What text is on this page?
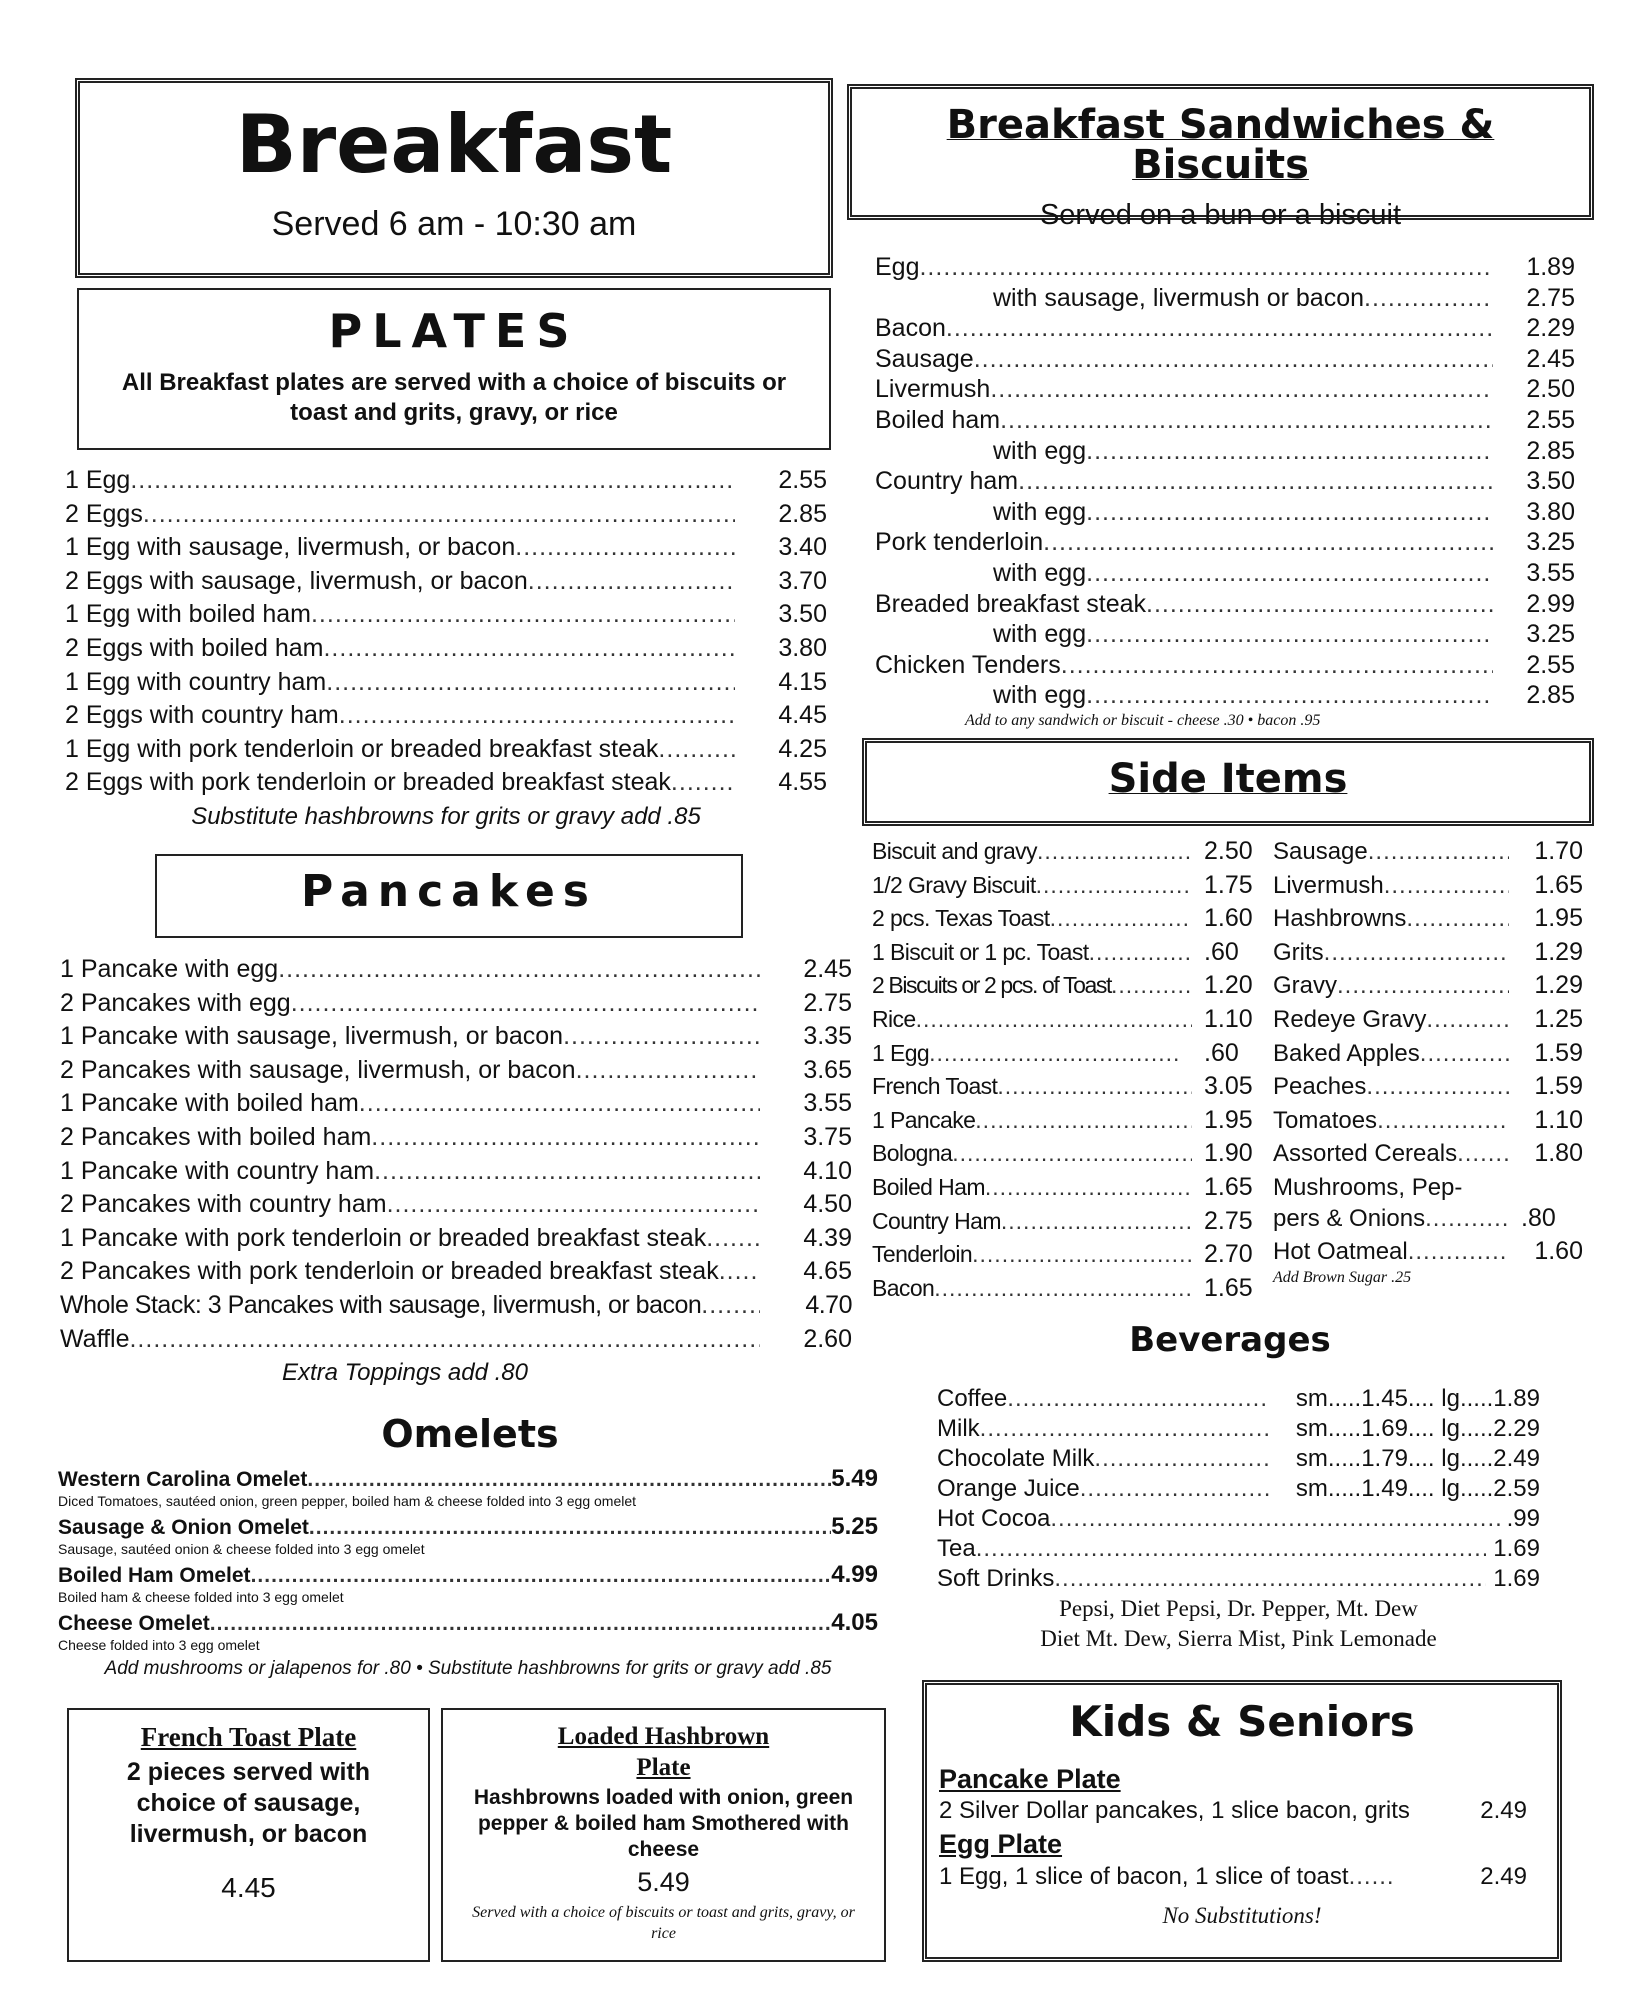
Breakfast
Served 6 am - 10:30 am
PLATES
All Breakfast plates are served with a choice of biscuits or toast and grits, gravy, or rice
1 Egg .....	2.55
2 Eggs .....	2.85
1 Egg with sausage, livermush, or bacon .....	3.40
2 Eggs with sausage, livermush, or bacon .....	3.70
1 Egg with boiled ham .....	3.50
2 Eggs with boiled ham .....	3.80
1 Egg with country ham .....	4.15
2 Eggs with country ham .....	4.45
1 Egg with pork tenderloin or breaded breakfast steak .....	4.25
2 Eggs with pork tenderloin or breaded breakfast steak .....	4.55
Substitute hashbrowns for grits or gravy add .85
Pancakes
1 Pancake with egg .....	2.45
2 Pancakes with egg .....	2.75
1 Pancake with sausage, livermush, or bacon .....	3.35
2 Pancakes with sausage, livermush, or bacon .....	3.65
1 Pancake with boiled ham .....	3.55
2 Pancakes with boiled ham .....	3.75
1 Pancake with country ham .....	4.10
2 Pancakes with country ham .....	4.50
1 Pancake with pork tenderloin or breaded breakfast steak .....	4.39
2 Pancakes with pork tenderloin or breaded breakfast steak .....	4.65
Whole Stack: 3 Pancakes with sausage, livermush, or bacon .....	4.70
Waffle .....	2.60
Extra Toppings add .80
Omelets
Western Carolina Omelet .....	5.49
Diced Tomatoes, sautéed onion, green pepper, boiled ham & cheese folded into 3 egg omelet
Sausage & Onion Omelet .....	5.25
Sausage, sautéed onion & cheese folded into 3 egg omelet
Boiled Ham Omelet .....	4.99
Boiled ham & cheese folded into 3 egg omelet
Cheese Omelet .....	4.05
Cheese folded into 3 egg omelet
Add mushrooms or jalapenos for .80 • Substitute hashbrowns for grits or gravy add .85
French Toast Plate
2 pieces served with choice of sausage, livermush, or bacon
4.45
Loaded Hashbrown
Plate
Hashbrowns loaded with onion, green pepper & boiled ham Smothered with cheese
5.49
Served with a choice of biscuits or toast and grits, gravy, or rice
Breakfast Sandwiches & Biscuits
Served on a bun or a biscuit
Egg .....	1.89
with sausage, livermush or bacon .....	2.75
Bacon .....	2.29
Sausage .....	2.45
Livermush .....	2.50
Boiled ham .....	2.55
with egg .....	2.85
Country ham .....	3.50
with egg .....	3.80
Pork tenderloin .....	3.25
with egg .....	3.55
Breaded breakfast steak .....	2.99
with egg .....	3.25
Chicken Tenders .....	2.55
with egg .....	2.85
Add to any sandwich or biscuit - cheese .30 • bacon .95
Side Items
Biscuit and gravy .....	2.50
1/2 Gravy Biscuit .....	1.75
2 pcs. Texas Toast .....	1.60
1 Biscuit or 1 pc. Toast .....	.60
2 Biscuits or 2 pcs. of Toast .....	1.20
Rice .....	1.10
1 Egg .....	.60
French Toast .....	3.05
1 Pancake .....	1.95
Bologna .....	1.90
Boiled Ham .....	1.65
Country Ham .....	2.75
Tenderloin .....	2.70
Bacon .....	1.65
Sausage .....	1.70
Livermush .....	1.65
Hashbrowns .....	1.95
Grits .....	1.29
Gravy .....	1.29
Redeye Gravy .....	1.25
Baked Apples .....	1.59
Peaches .....	1.59
Tomatoes .....	1.10
Assorted Cereals .....	1.80
Mushrooms, Pep-
pers & Onions .....	.80
Hot Oatmeal .....	1.60
Add Brown Sugar .25
Beverages
Coffee .....	sm.....1.45.... lg.....1.89
Milk .....	sm.....1.69.... lg.....2.29
Chocolate Milk .....	sm.....1.79.... lg.....2.49
Orange Juice .....	sm.....1.49.... lg.....2.59
Hot Cocoa .....	.99
Tea .....	1.69
Soft Drinks .....	1.69
Pepsi, Diet Pepsi, Dr. Pepper, Mt. Dew
Diet Mt. Dew, Sierra Mist, Pink Lemonade
Kids & Seniors
Pancake Plate
2 Silver Dollar pancakes, 1 slice bacon, grits	2.49
Egg Plate
1 Egg, 1 slice of bacon, 1 slice of toast .....	2.49
No Substitutions!
